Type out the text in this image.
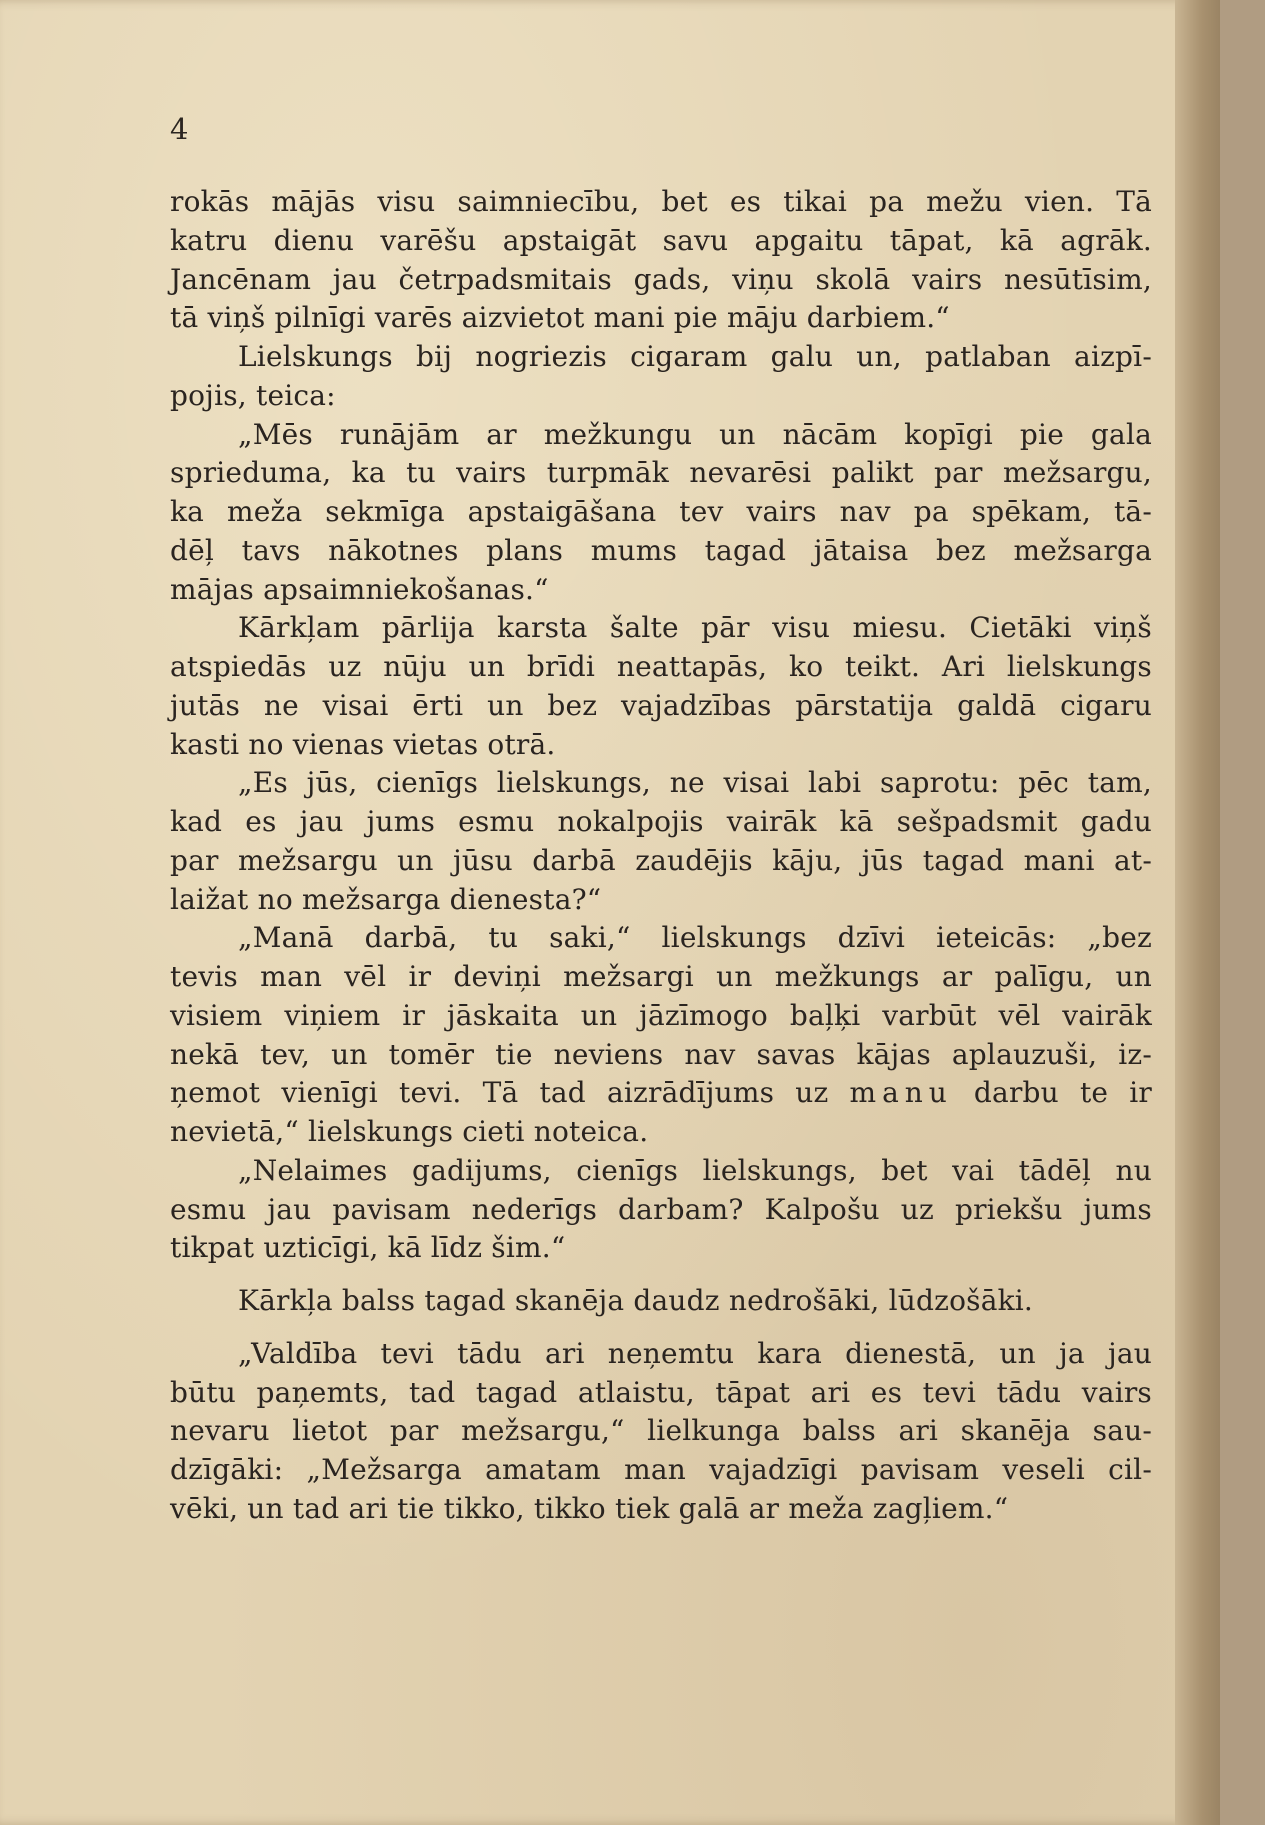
4
rokās mājās visu saimniecību, bet es tikai pa mežu vien. Tā
katru dienu varēšu apstaigāt savu apgaitu tāpat, kā agrāk.
Jancēnam jau četrpadsmitais gads, viņu skolā vairs nesūtīsim,
tā viņš pilnīgi varēs aizvietot mani pie māju darbiem.“
Lielskungs bij nogriezis cigaram galu un, patlaban aizpī-
pojis, teica:
„Mēs runājām ar mežkungu un nācām kopīgi pie gala
sprieduma, ka tu vairs turpmāk nevarēsi palikt par mežsargu,
ka meža sekmīga apstaigāšana tev vairs nav pa spēkam, tā-
dēļ tavs nākotnes plans mums tagad jātaisa bez mežsarga
mājas apsaimniekošanas.“
Kārkļam pārlija karsta šalte pār visu miesu. Cietāki viņš
atspiedās uz nūju un brīdi neattapās, ko teikt. Ari lielskungs
jutās ne visai ērti un bez vajadzības pārstatija galdā cigaru
kasti no vienas vietas otrā.
„Es jūs, cienīgs lielskungs, ne visai labi saprotu: pēc tam,
kad es jau jums esmu nokalpojis vairāk kā sešpadsmit gadu
par mežsargu un jūsu darbā zaudējis kāju, jūs tagad mani at-
laižat no mežsarga dienesta?“
„Manā darbā, tu saki,“ lielskungs dzīvi ieteicās: „bez
tevis man vēl ir deviņi mežsargi un mežkungs ar palīgu, un
visiem viņiem ir jāskaita un jāzīmogo baļķi varbūt vēl vairāk
nekā tev, un tomēr tie neviens nav savas kājas aplauzuši, iz-
ņemot vienīgi tevi. Tā tad aizrādījums uz manu darbu te ir
nevietā,“ lielskungs cieti noteica.
„Nelaimes gadijums, cienīgs lielskungs, bet vai tādēļ nu
esmu jau pavisam nederīgs darbam? Kalpošu uz priekšu jums
tikpat uzticīgi, kā līdz šim.“
Kārkļa balss tagad skanēja daudz nedrošāki, lūdzošāki.
„Valdība tevi tādu ari neņemtu kara dienestā, un ja jau
būtu paņemts, tad tagad atlaistu, tāpat ari es tevi tādu vairs
nevaru lietot par mežsargu,“ lielkunga balss ari skanēja sau-
dzīgāki: „Mežsarga amatam man vajadzīgi pavisam veseli cil-
vēki, un tad ari tie tikko, tikko tiek galā ar meža zagļiem.“
